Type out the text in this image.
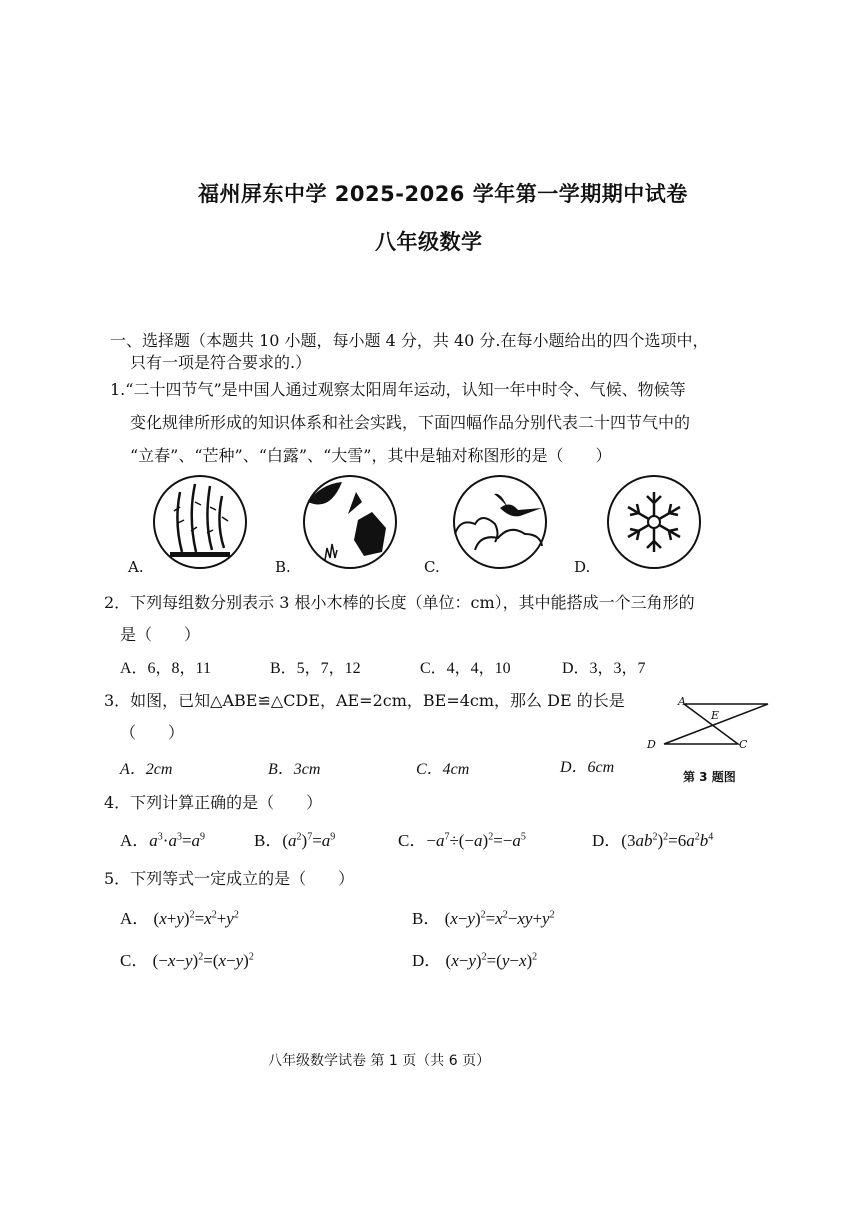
福州屏东中学 2025-2026 学年第一学期期中试卷
八年级数学
一、选择题（本题共 10 小题，每小题 4 分，共 40 分.在每小题给出的四个选项中，
只有一项是符合要求的.）
1.“二十四节气”是中国人通过观察太阳周年运动，认知一年中时令、气候、物候等
变化规律所形成的知识体系和社会实践，下面四幅作品分别代表二十四节气中的
“立春”、“芒种”、“白露”、“大雪”，其中是轴对称图形的是（　　）
A.	B.	C.	D.
2．下列每组数分别表示 3 根小木棒的长度（单位：cm），其中能搭成一个三角形的
是（　　）
A．6，8，11	B．5，7，12	C．4，4，10	D．3，3，7
3．如图，已知△ABE≌△CDE，AE=2cm，BE=4cm，那么 DE 的长是
（　　）
A．2cm	B．3cm	C．4cm	D．6cm
A
E
D	C
第 3 题图
4．下列计算正确的是（　　）
A．$a^3\cdot a^3=a^9$	B．$(a^2)^7=a^9$	C．$-a^7\div(-a)^2=-a^5$	D．$(3ab^2)^2=6a^2b^4$
5．下列等式一定成立的是（　　）
A． $(x+y)^2=x^2+y^2$	B． $(x-y)^2=x^2-xy+y^2$
C． $(-x-y)^2=(x-y)^2$	D． $(x-y)^2=(y-x)^2$
八年级数学试卷 第 1 页（共 6 页）
